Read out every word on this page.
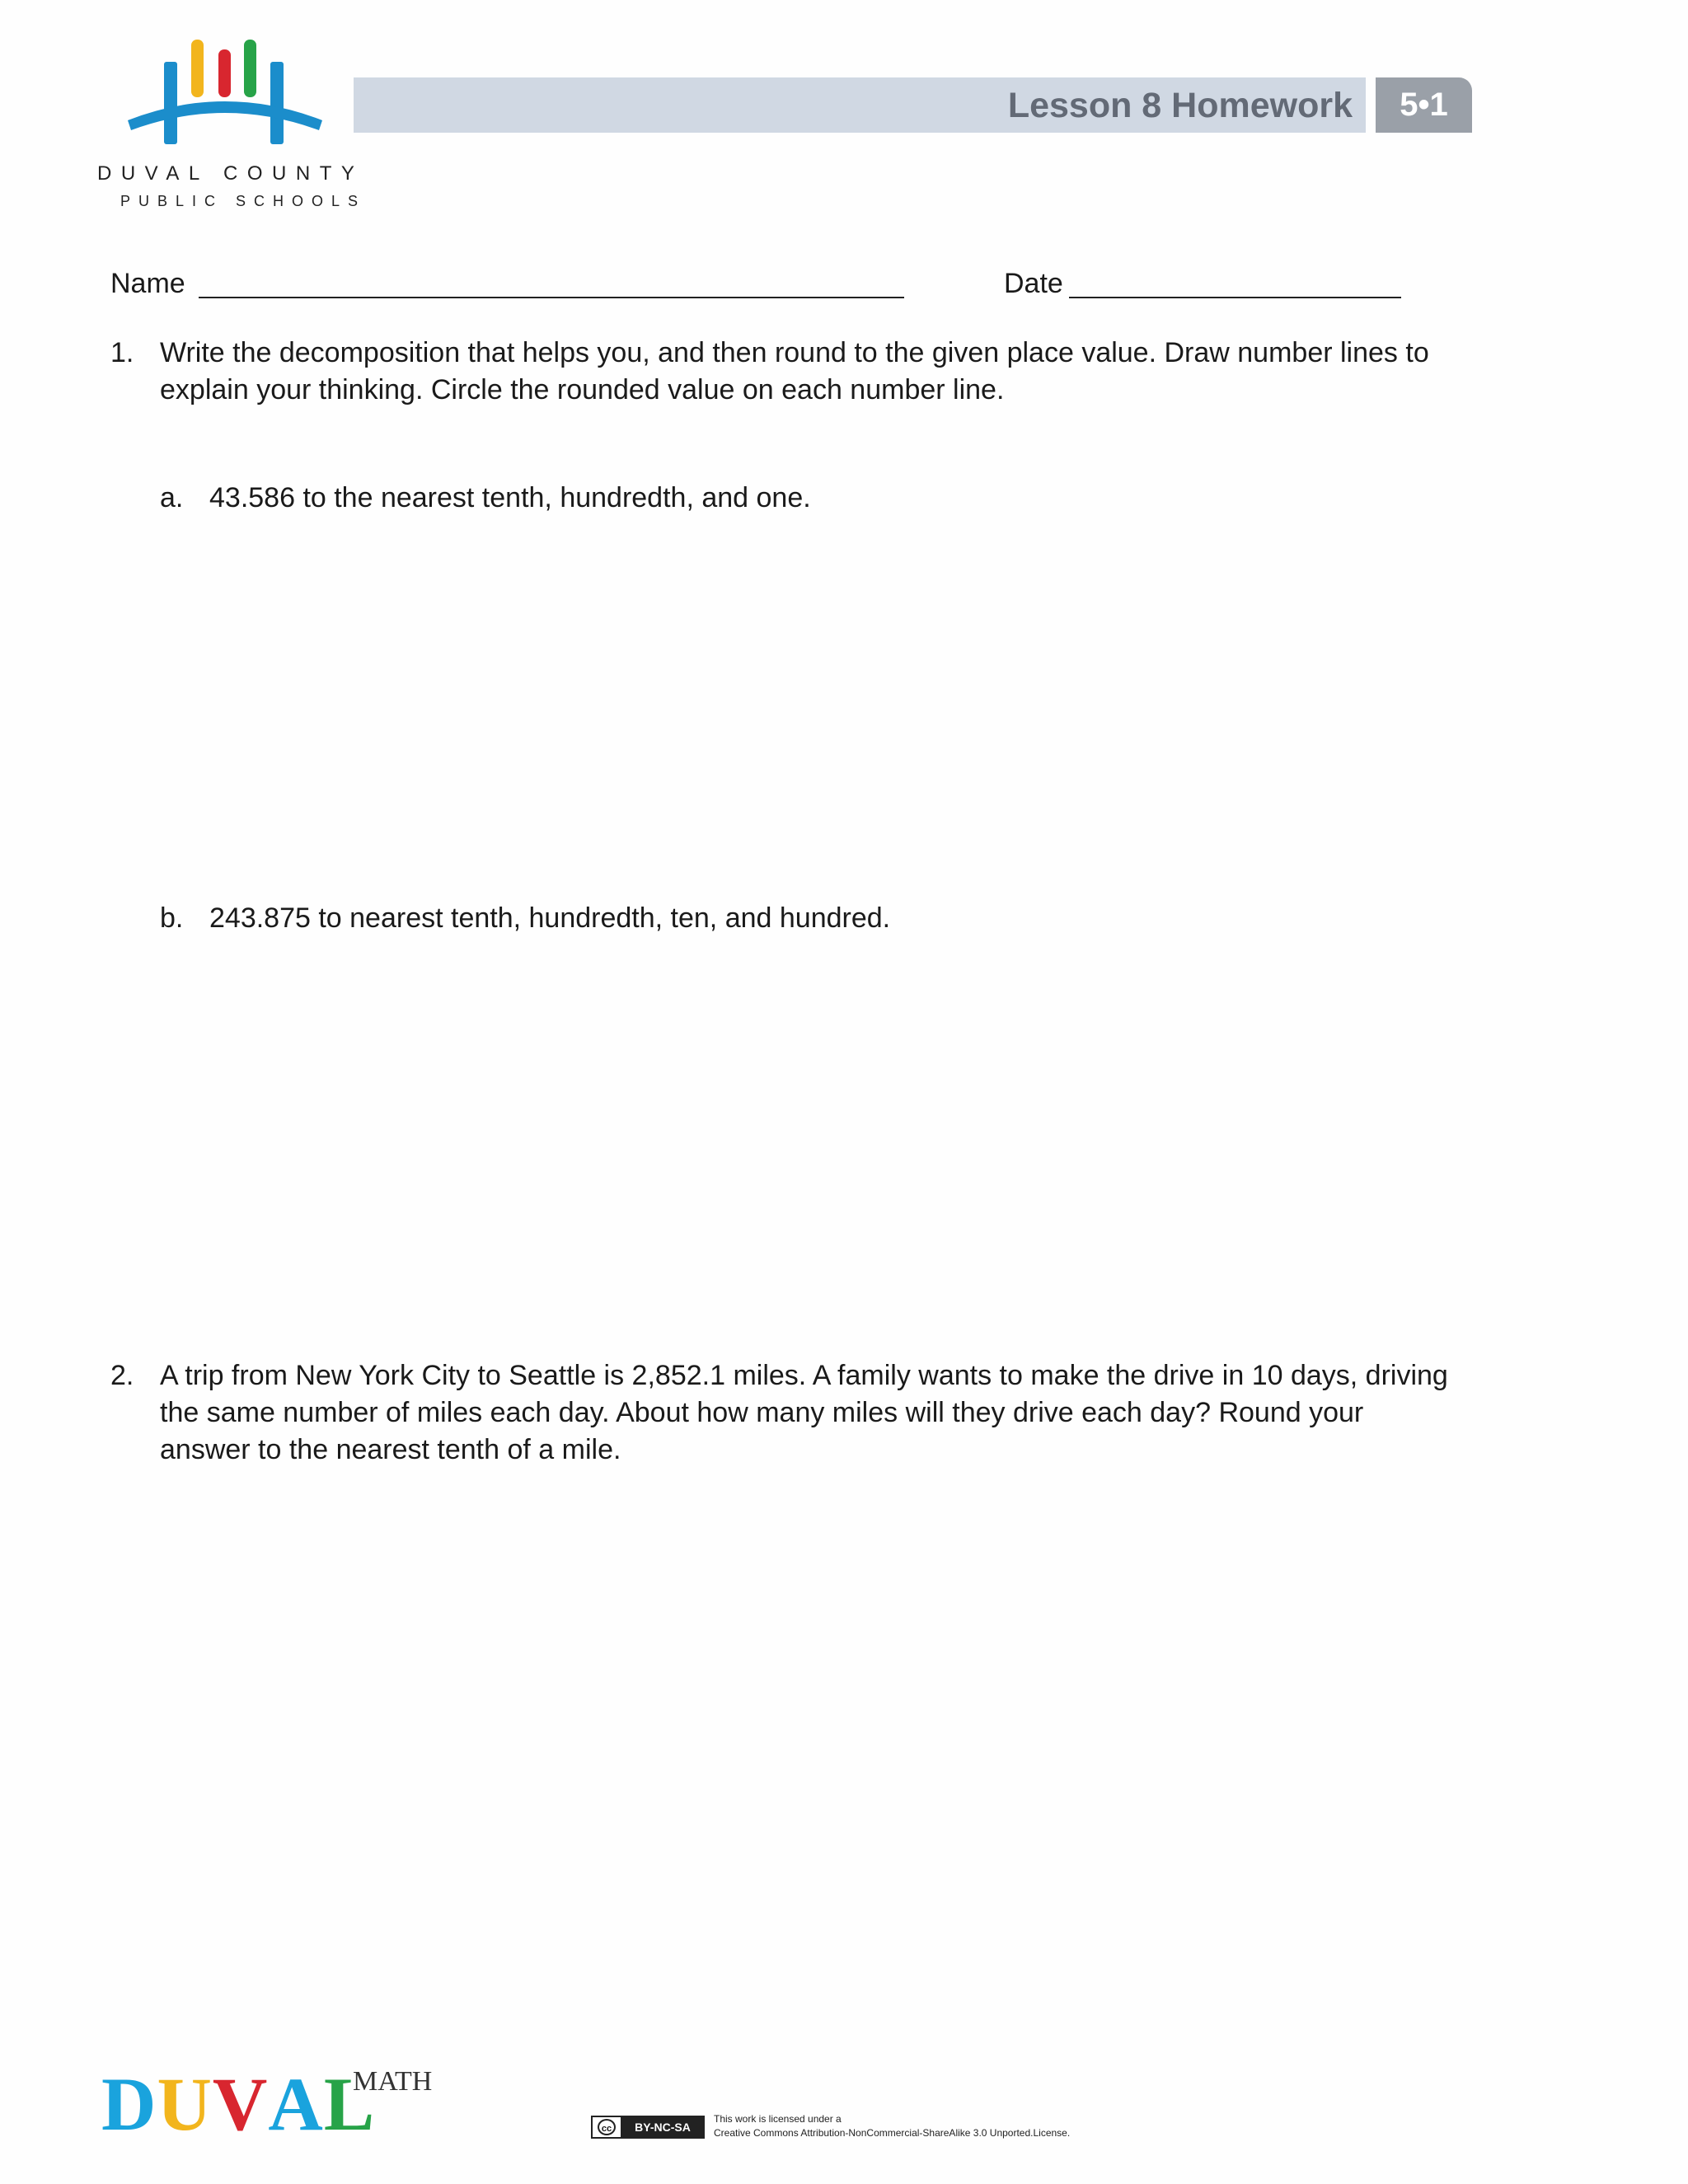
DUVAL COUNTY
PUBLIC SCHOOLS
Lesson 8 Homework	5•1
Name	Date
1. Write the decomposition that helps you, and then round to the given place value. Draw number lines to
explain your thinking. Circle the rounded value on each number line.
a. 43.586 to the nearest tenth, hundredth, and one.
b. 243.875 to nearest tenth, hundredth, ten, and hundred.
2. A trip from New York City to Seattle is 2,852.1 miles. A family wants to make the drive in 10 days, driving
the same number of miles each day. About how many miles will they drive each day? Round your
answer to the nearest tenth of a mile.
DUVAL
MATH
cc	BY-NC-SA
This work is licensed under a
Creative Commons Attribution-NonCommercial-ShareAlike 3.0 Unported.License.
